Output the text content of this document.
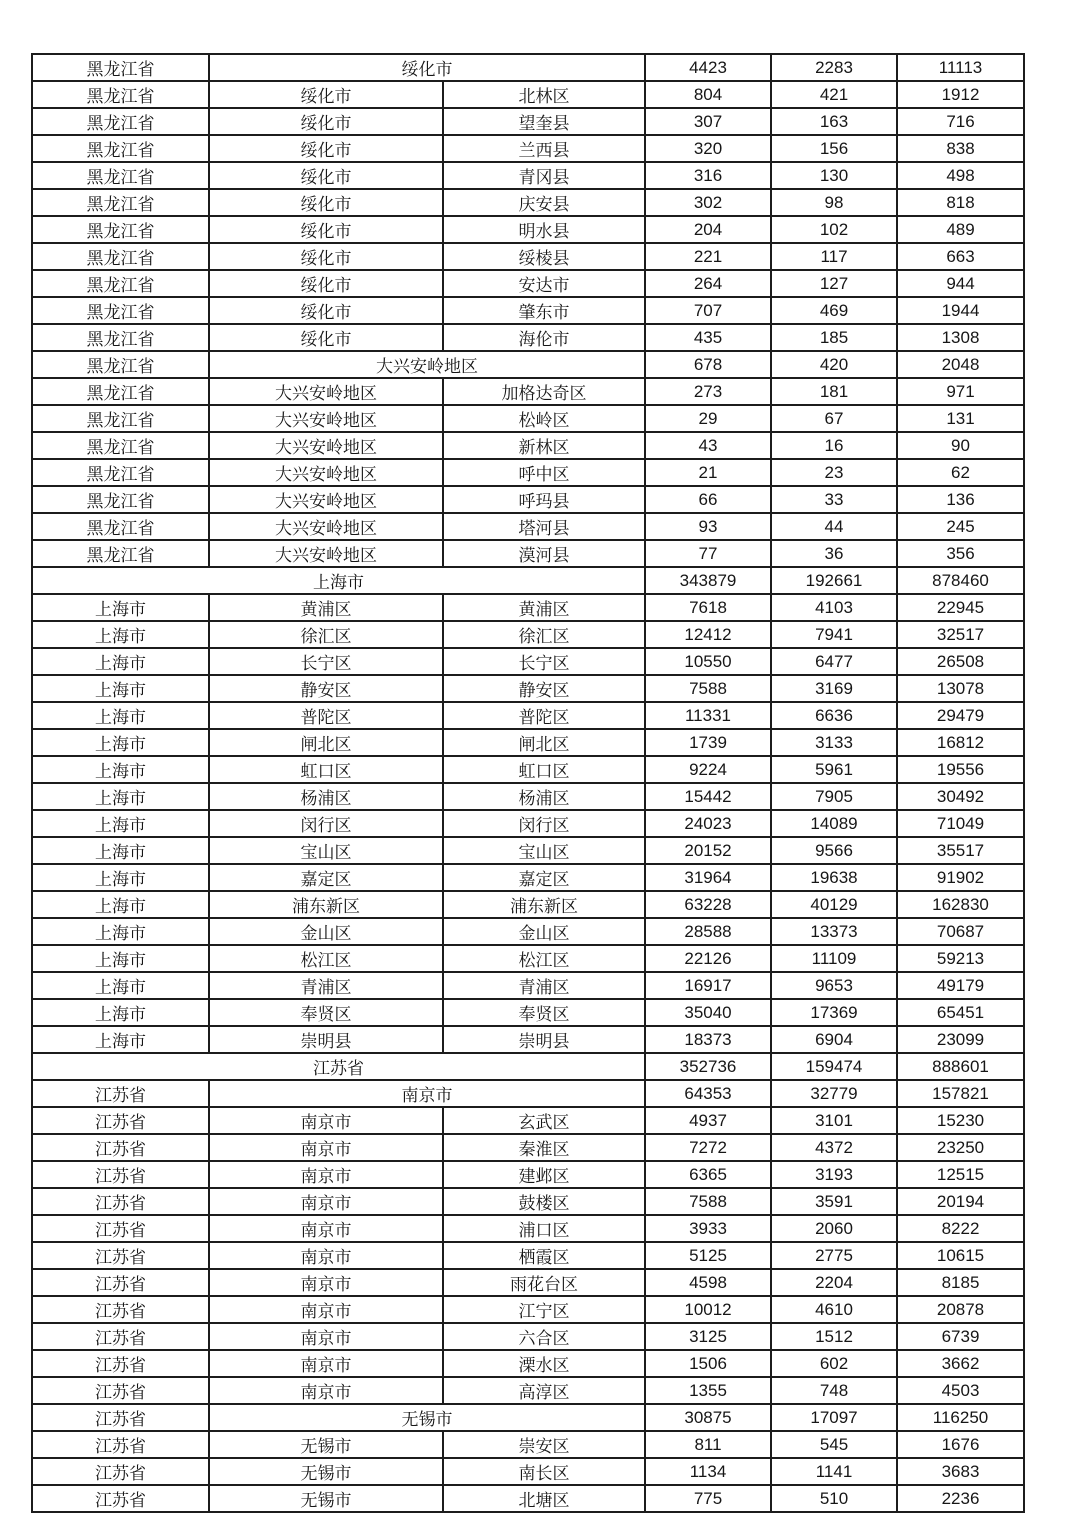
黑龙江省	绥化市		4423	2283	11113
黑龙江省	绥化市	北林区	804	421	1912
黑龙江省	绥化市	望奎县	307	163	716
黑龙江省	绥化市	兰西县	320	156	838
黑龙江省	绥化市	青冈县	316	130	498
黑龙江省	绥化市	庆安县	302	98	818
黑龙江省	绥化市	明水县	204	102	489
黑龙江省	绥化市	绥棱县	221	117	663
黑龙江省	绥化市	安达市	264	127	944
黑龙江省	绥化市	肇东市	707	469	1944
黑龙江省	绥化市	海伦市	435	185	1308
黑龙江省	大兴安岭地区		678	420	2048
黑龙江省	大兴安岭地区	加格达奇区	273	181	971
黑龙江省	大兴安岭地区	松岭区	29	67	131
黑龙江省	大兴安岭地区	新林区	43	16	90
黑龙江省	大兴安岭地区	呼中区	21	23	62
黑龙江省	大兴安岭地区	呼玛县	66	33	136
黑龙江省	大兴安岭地区	塔河县	93	44	245
黑龙江省	大兴安岭地区	漠河县	77	36	356
上海市			343879	192661	878460
上海市	黄浦区	黄浦区	7618	4103	22945
上海市	徐汇区	徐汇区	12412	7941	32517
上海市	长宁区	长宁区	10550	6477	26508
上海市	静安区	静安区	7588	3169	13078
上海市	普陀区	普陀区	11331	6636	29479
上海市	闸北区	闸北区	1739	3133	16812
上海市	虹口区	虹口区	9224	5961	19556
上海市	杨浦区	杨浦区	15442	7905	30492
上海市	闵行区	闵行区	24023	14089	71049
上海市	宝山区	宝山区	20152	9566	35517
上海市	嘉定区	嘉定区	31964	19638	91902
上海市	浦东新区	浦东新区	63228	40129	162830
上海市	金山区	金山区	28588	13373	70687
上海市	松江区	松江区	22126	11109	59213
上海市	青浦区	青浦区	16917	9653	49179
上海市	奉贤区	奉贤区	35040	17369	65451
上海市	崇明县	崇明县	18373	6904	23099
江苏省			352736	159474	888601
江苏省	南京市		64353	32779	157821
江苏省	南京市	玄武区	4937	3101	15230
江苏省	南京市	秦淮区	7272	4372	23250
江苏省	南京市	建邺区	6365	3193	12515
江苏省	南京市	鼓楼区	7588	3591	20194
江苏省	南京市	浦口区	3933	2060	8222
江苏省	南京市	栖霞区	5125	2775	10615
江苏省	南京市	雨花台区	4598	2204	8185
江苏省	南京市	江宁区	10012	4610	20878
江苏省	南京市	六合区	3125	1512	6739
江苏省	南京市	溧水区	1506	602	3662
江苏省	南京市	高淳区	1355	748	4503
江苏省	无锡市		30875	17097	116250
江苏省	无锡市	崇安区	811	545	1676
江苏省	无锡市	南长区	1134	1141	3683
江苏省	无锡市	北塘区	775	510	2236
